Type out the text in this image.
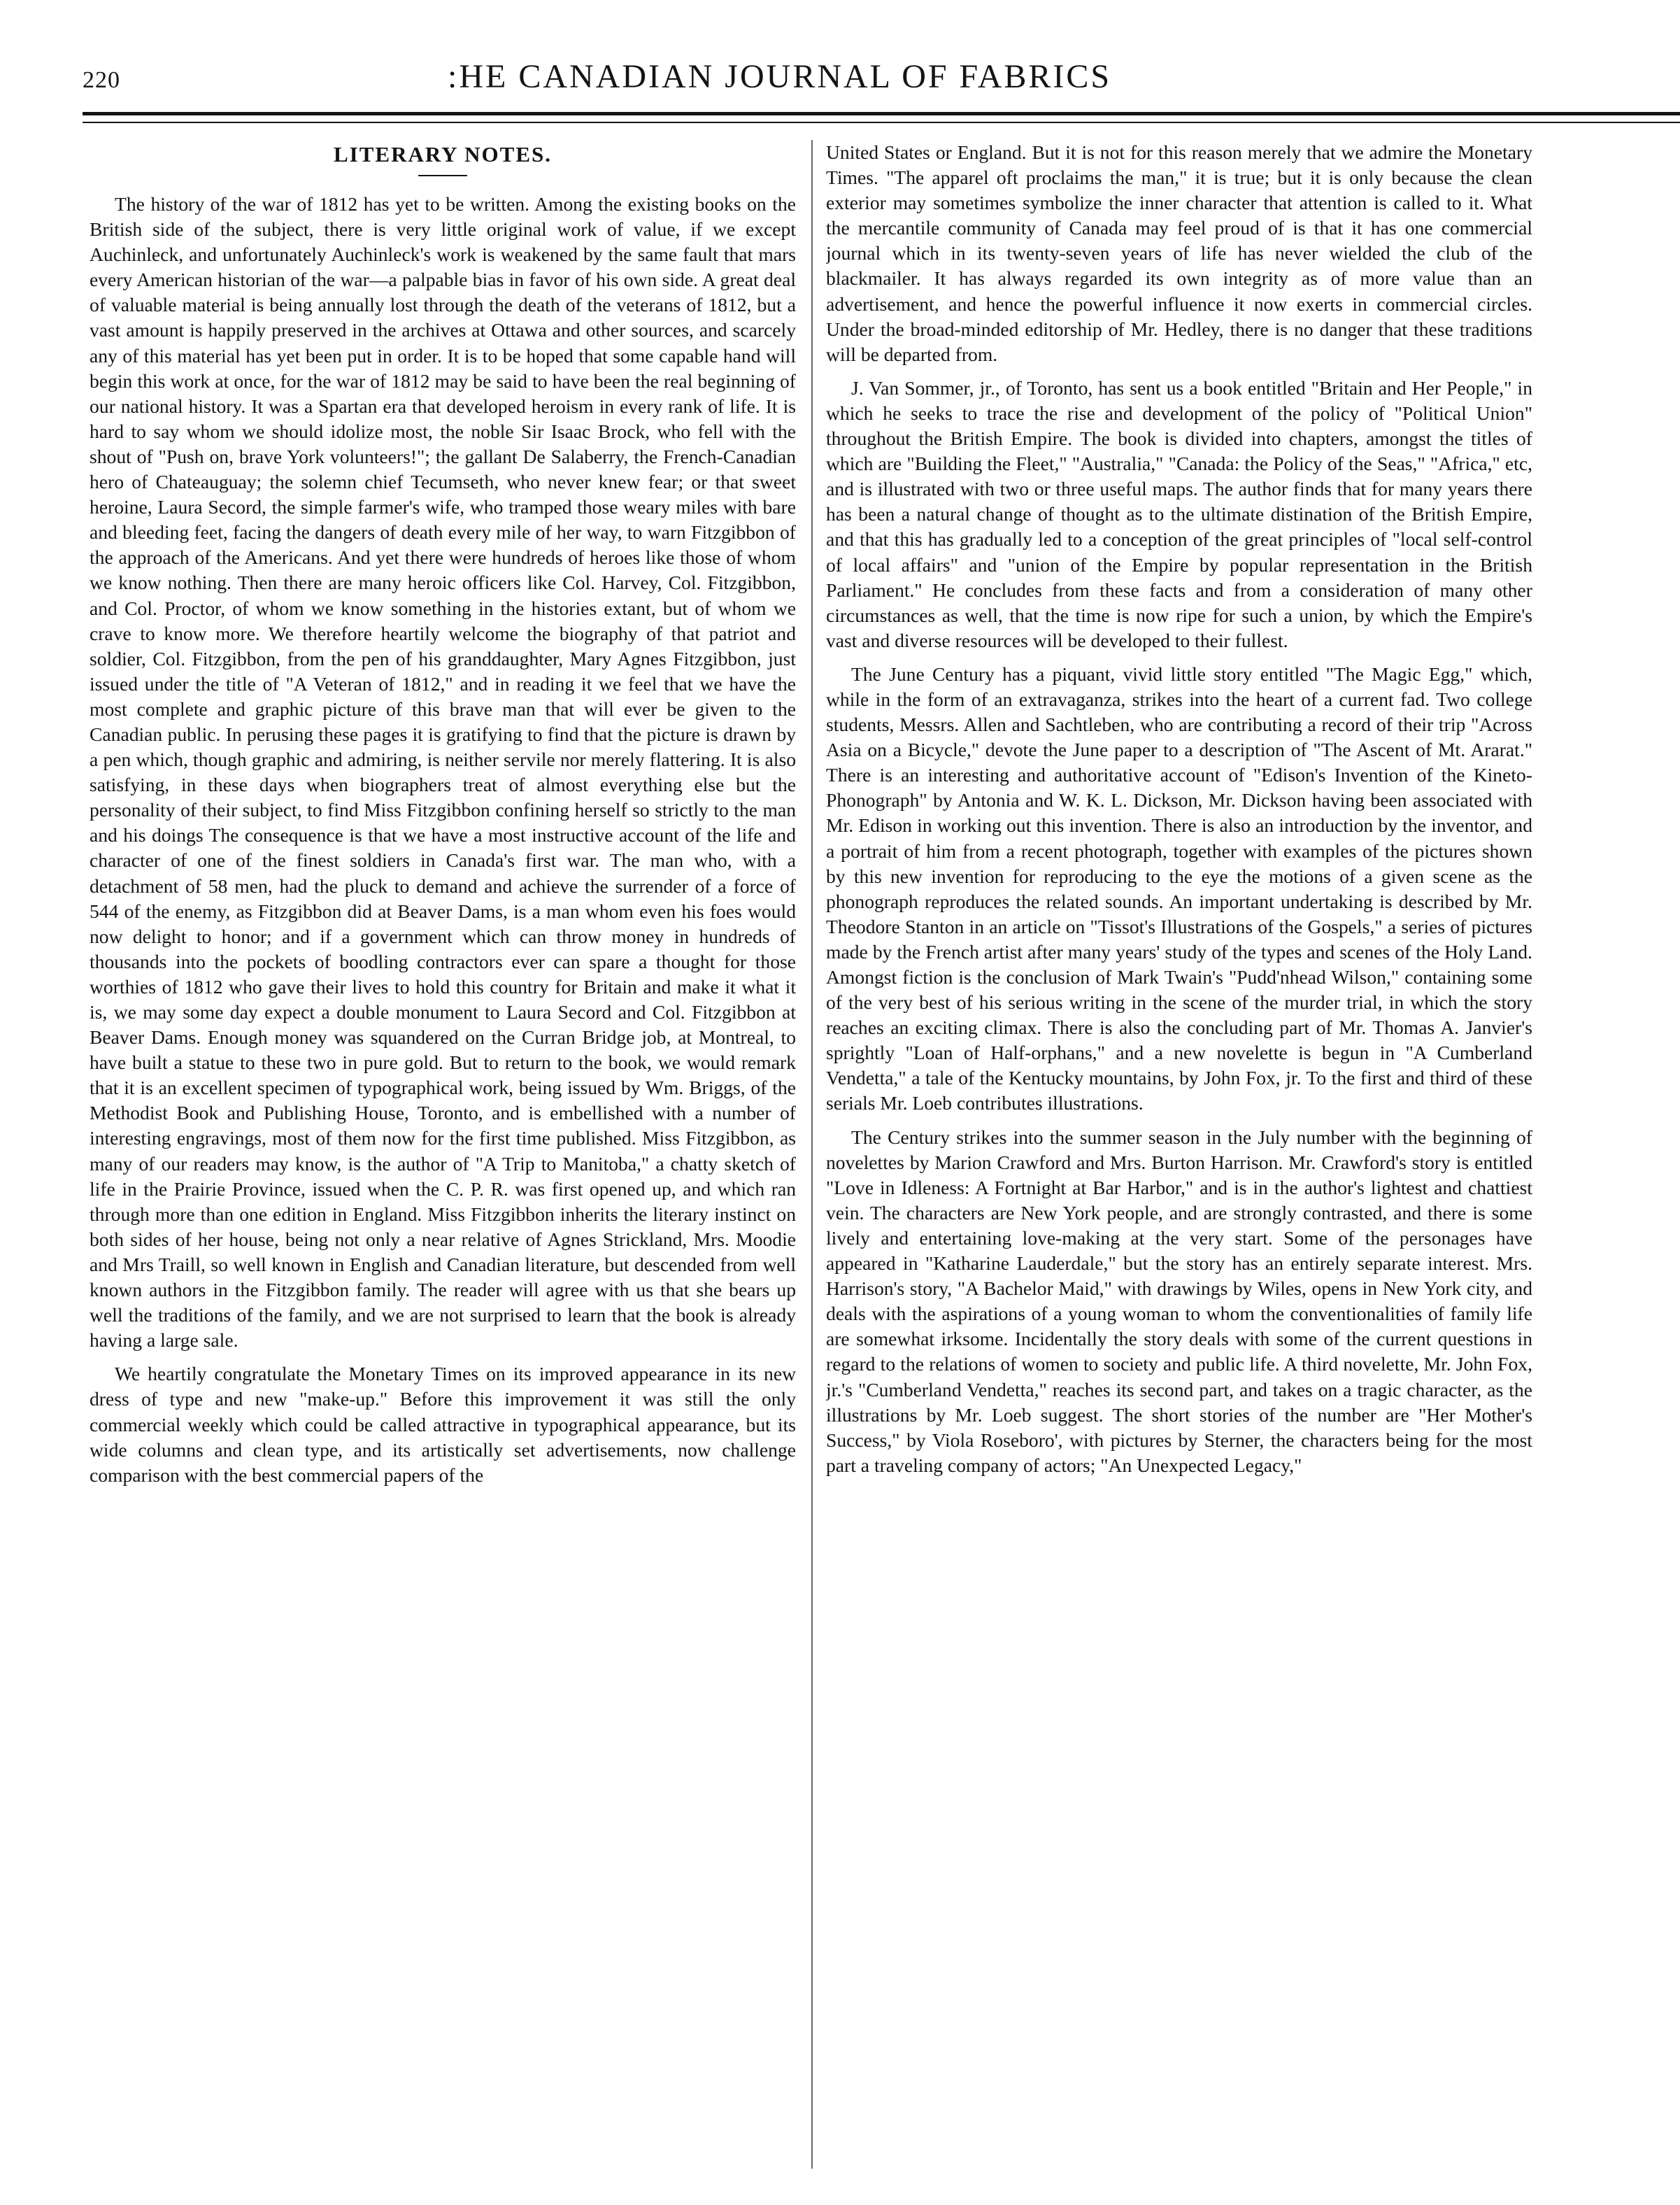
220	:HE CANADIAN JOURNAL OF FABRICS
LITERARY NOTES.

The history of the war of 1812 has yet to be written. Among the existing books on the British side of the subject, there is very little original work of value, if we except Auchinleck, and unfortunately Auchinleck's work is weakened by the same fault that mars every American historian of the war—a palpable bias in favor of his own side. A great deal of valuable material is being annually lost through the death of the veterans of 1812, but a vast amount is happily preserved in the archives at Ottawa and other sources, and scarcely any of this material has yet been put in order. It is to be hoped that some capable hand will begin this work at once, for the war of 1812 may be said to have been the real beginning of our national history. It was a Spartan era that developed heroism in every rank of life. It is hard to say whom we should idolize most, the noble Sir Isaac Brock, who fell with the shout of "Push on, brave York volunteers!"; the gallant De Salaberry, the French-Canadian hero of Chateauguay; the solemn chief Tecumseth, who never knew fear; or that sweet heroine, Laura Secord, the simple farmer's wife, who tramped those weary miles with bare and bleeding feet, facing the dangers of death every mile of her way, to warn Fitzgibbon of the approach of the Americans. And yet there were hundreds of heroes like those of whom we know nothing. Then there are many heroic officers like Col. Harvey, Col. Fitzgibbon, and Col. Proctor, of whom we know something in the histories extant, but of whom we crave to know more. We therefore heartily welcome the biography of that patriot and soldier, Col. Fitzgibbon, from the pen of his granddaughter, Mary Agnes Fitzgibbon, just issued under the title of "A Veteran of 1812," and in reading it we feel that we have the most complete and graphic picture of this brave man that will ever be given to the Canadian public. In perusing these pages it is gratifying to find that the picture is drawn by a pen which, though graphic and admiring, is neither servile nor merely flattering. It is also satisfying, in these days when biographers treat of almost everything else but the personality of their subject, to find Miss Fitzgibbon confining herself so strictly to the man and his doings The consequence is that we have a most instructive account of the life and character of one of the finest soldiers in Canada's first war. The man who, with a detachment of 58 men, had the pluck to demand and achieve the surrender of a force of 544 of the enemy, as Fitzgibbon did at Beaver Dams, is a man whom even his foes would now delight to honor; and if a government which can throw money in hundreds of thousands into the pockets of boodling contractors ever can spare a thought for those worthies of 1812 who gave their lives to hold this country for Britain and make it what it is, we may some day expect a double monument to Laura Secord and Col. Fitzgibbon at Beaver Dams. Enough money was squandered on the Curran Bridge job, at Montreal, to have built a statue to these two in pure gold. But to return to the book, we would remark that it is an excellent specimen of typographical work, being issued by Wm. Briggs, of the Methodist Book and Publishing House, Toronto, and is embellished with a number of interesting engravings, most of them now for the first time published. Miss Fitzgibbon, as many of our readers may know, is the author of "A Trip to Manitoba," a chatty sketch of life in the Prairie Province, issued when the C. P. R. was first opened up, and which ran through more than one edition in England. Miss Fitzgibbon inherits the literary instinct on both sides of her house, being not only a near relative of Agnes Strickland, Mrs. Moodie and Mrs Traill, so well known in English and Canadian literature, but descended from well known authors in the Fitzgibbon family. The reader will agree with us that she bears up well the traditions of the family, and we are not surprised to learn that the book is already having a large sale.

We heartily congratulate the Monetary Times on its improved appearance in its new dress of type and new "make-up." Before this improvement it was still the only commercial weekly which could be called attractive in typographical appearance, but its wide columns and clean type, and its artistically set advertisements, now challenge comparison with the best commercial papers of the

United States or England. But it is not for this reason merely that we admire the Monetary Times. "The apparel oft proclaims the man," it is true; but it is only because the clean exterior may sometimes symbolize the inner character that attention is called to it. What the mercantile community of Canada may feel proud of is that it has one commercial journal which in its twenty-seven years of life has never wielded the club of the blackmailer. It has always regarded its own integrity as of more value than an advertisement, and hence the powerful influence it now exerts in commercial circles. Under the broad-minded editorship of Mr. Hedley, there is no danger that these traditions will be departed from.

J. Van Sommer, jr., of Toronto, has sent us a book entitled "Britain and Her People," in which he seeks to trace the rise and development of the policy of "Political Union" throughout the British Empire. The book is divided into chapters, amongst the titles of which are "Building the Fleet," "Australia," "Canada: the Policy of the Seas," "Africa," etc, and is illustrated with two or three useful maps. The author finds that for many years there has been a natural change of thought as to the ultimate distination of the British Empire, and that this has gradually led to a conception of the great principles of "local self-control of local affairs" and "union of the Empire by popular representation in the British Parliament." He concludes from these facts and from a consideration of many other circumstances as well, that the time is now ripe for such a union, by which the Empire's vast and diverse resources will be developed to their fullest.

The June Century has a piquant, vivid little story entitled "The Magic Egg," which, while in the form of an extravaganza, strikes into the heart of a current fad. Two college students, Messrs. Allen and Sachtleben, who are contributing a record of their trip "Across Asia on a Bicycle," devote the June paper to a description of "The Ascent of Mt. Ararat." There is an interesting and authoritative account of "Edison's Invention of the Kineto-Phonograph" by Antonia and W. K. L. Dickson, Mr. Dickson having been associated with Mr. Edison in working out this invention. There is also an introduction by the inventor, and a portrait of him from a recent photograph, together with examples of the pictures shown by this new invention for reproducing to the eye the motions of a given scene as the phonograph reproduces the related sounds. An important undertaking is described by Mr. Theodore Stanton in an article on "Tissot's Illustrations of the Gospels," a series of pictures made by the French artist after many years' study of the types and scenes of the Holy Land. Amongst fiction is the conclusion of Mark Twain's "Pudd'nhead Wilson," containing some of the very best of his serious writing in the scene of the murder trial, in which the story reaches an exciting climax. There is also the concluding part of Mr. Thomas A. Janvier's sprightly "Loan of Half-orphans," and a new novelette is begun in "A Cumberland Vendetta," a tale of the Kentucky mountains, by John Fox, jr. To the first and third of these serials Mr. Loeb contributes illustrations.

The Century strikes into the summer season in the July number with the beginning of novelettes by Marion Crawford and Mrs. Burton Harrison. Mr. Crawford's story is entitled "Love in Idleness: A Fortnight at Bar Harbor," and is in the author's lightest and chattiest vein. The characters are New York people, and are strongly contrasted, and there is some lively and entertaining love-making at the very start. Some of the personages have appeared in "Katharine Lauderdale," but the story has an entirely separate interest. Mrs. Harrison's story, "A Bachelor Maid," with drawings by Wiles, opens in New York city, and deals with the aspirations of a young woman to whom the conventionalities of family life are somewhat irksome. Incidentally the story deals with some of the current questions in regard to the relations of women to society and public life. A third novelette, Mr. John Fox, jr.'s "Cumberland Vendetta," reaches its second part, and takes on a tragic character, as the illustrations by Mr. Loeb suggest. The short stories of the number are "Her Mother's Success," by Viola Roseboro', with pictures by Sterner, the characters being for the most part a traveling company of actors; "An Unexpected Legacy,"
